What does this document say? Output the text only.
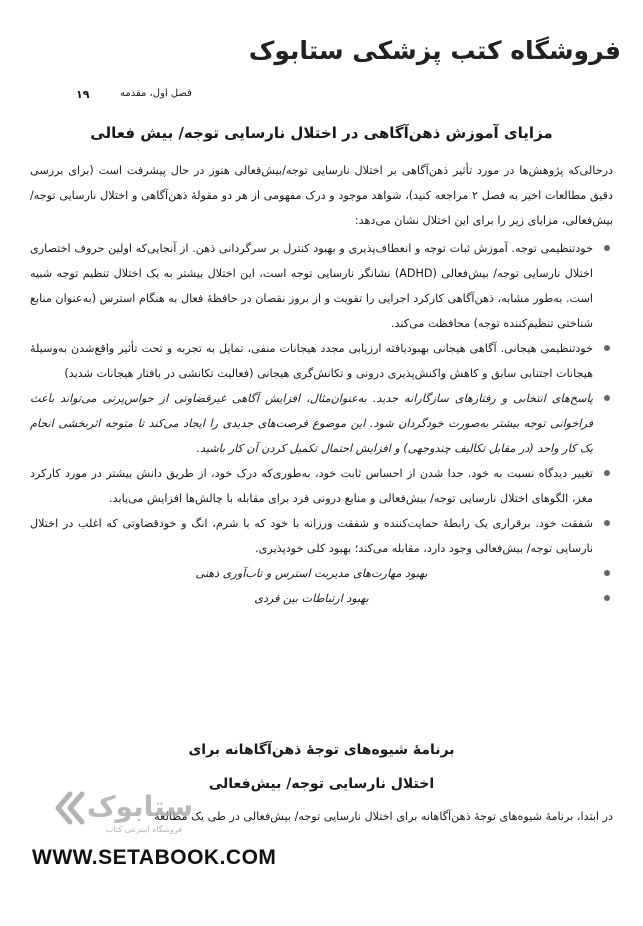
فروشگاه کتب پزشکی ستابوک
۱۹	فصل اول، مقدمه
مزایای آموزش ذهن‌آگاهی در اختلال نارسایی توجه/ بیش فعالی
درحالی‌که پژوهش‌ها در مورد تأثیر ذهن‌آگاهی بر اختلال نارسایی توجه/بیش‌فعالی هنوز در حال پیشرفت است (برای بررسی دقیق مطالعات اخیر به فصل ۲ مراجعه کنید)، شواهد موجود و درک مفهومی از هر دو مقولهٔ ذهن‌آگاهی و اختلال نارسایی توجه/ بیش‌فعالی، مزایای زیر را برای این اختلال نشان می‌دهد:
خودتنظیمی توجه. آموزش ثبات توجه و انعطاف‌پذیری و بهبود کنترل بر سرگردانی ذهن. از آنجایی‌که اولین حروف اختصاری اختلال نارسایی توجه/ بیش‌فعالی (ADHD) نشانگر نارسایی توجه است، این اختلال بیشتر به یک اختلال تنظیم توجه شبیه است. به‌طور مشابه، ذهن‌آگاهی کارکرد اجرایی را تقویت و از بروز نقصان در حافظهٔ فعال به هنگام استرس (به‌عنوان منابع شناختی تنظیم‌کننده توجه) محافظت می‌کند.
خودتنظیمی هیجانی. آگاهی هیجانی بهبودیافته ارزیابی مجدد هیجانات منفی، تمایل به تجربه و تحت تأثیر واقع‌شدن به‌وسیلهٔ هیجانات اجتنابی سابق و کاهش واکنش‌پذیری درونی و تکانش‌گری هیجانی (فعالیت تکانشی در بافتار هیجانات شدید)
پاسخ‌های انتخابی و رفتارهای سازگارانه جدید. به‌عنوان‌مثال، افزایش آگاهی غیرقضاوتی از حواس‌پرتی می‌تواند باعث فراخوانی توجه بیشتر به‌صورت خودگردان شود. این موضوع فرصت‌های جدیدی را ایجاد می‌کند تا متوجه اثربخشی انجام یک کار واحد (در مقابل تکالیف چندوجهی) و افزایش احتمال تکمیل کردن آن کار باشید.
تغییر دیدگاه نسبت به خود. جدا شدن از احساس ثابت خود، به‌طوری‌که درک خود، از طریق دانش بیشتر در مورد کارکرد مغز، الگوهای اختلال نارسایی توجه/ بیش‌فعالی و منابع درونی فرد برای مقابله با چالش‌ها افزایش می‌یابد.
شفقت خود. برقراری یک رابطهٔ حمایت‌کننده و شفقت ورزانه با خود که با شرم، انگ و خودقضاوتی که اغلب در اختلال نارسایی توجه/ بیش‌فعالی وجود دارد، مقابله می‌کند؛ بهبود کلی خودپذیری.
بهبود مهارت‌های مدیریت استرس و تاب‌آوری ذهنی
بهبود ارتباطات بین فردی
برنامهٔ شیوه‌های توجهٔ ذهن‌آگاهانه برای
اختلال نارسایی توجه/ بیش‌فعالی
در ابتدا، برنامهٔ شیوه‌های توجهٔ ذهن‌آگاهانه برای اختلال نارسایی توجه/ بیش‌فعالی در طی یک مطالعهٔ
ستابوک
فروشگاه اینترنتی کتاب
WWW.SETABOOK.COM
